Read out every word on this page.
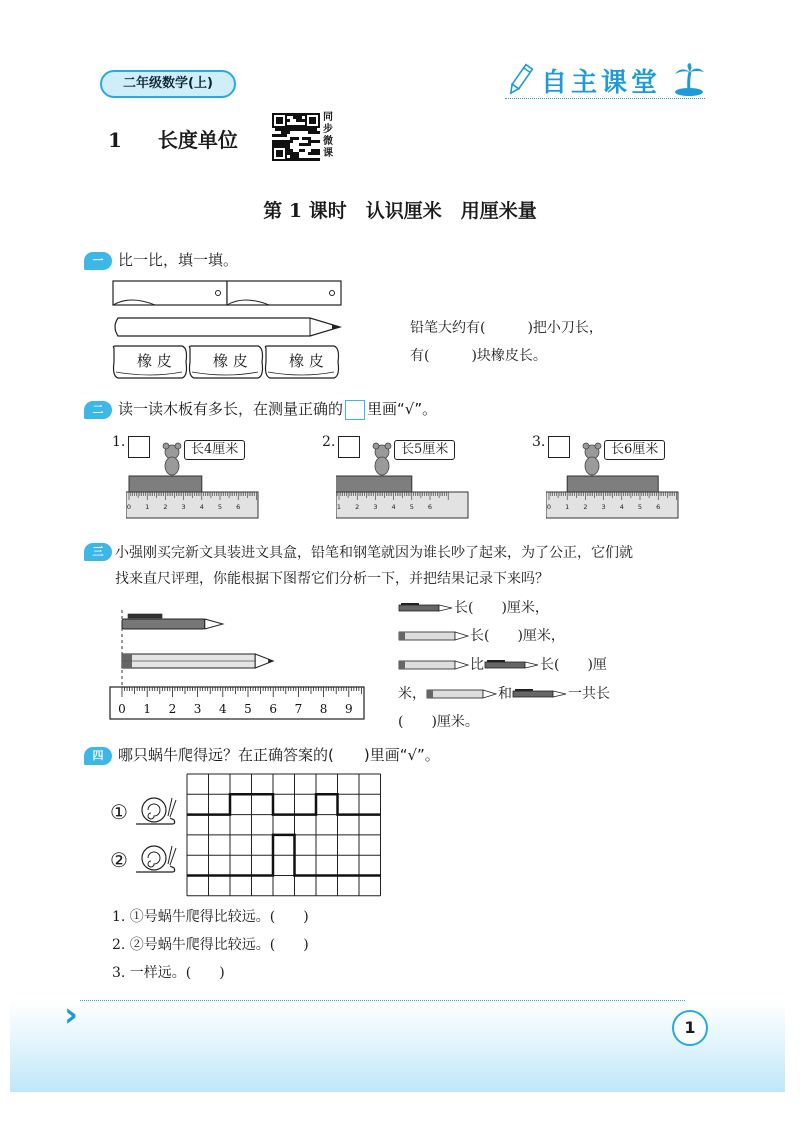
二年级数学(上)	自主课堂
1 长度单位
同步微课
第 1 课时　认识厘米　用厘米量
一 比一比，填一填。
橡 皮	橡 皮	橡 皮
铅笔大约有(　　　)把小刀长，
有(　　　)块橡皮长。
二 读一读木板有多长，在测量正确的 里画“√”。
1.	长4厘米
0 1 2 3 4 5 6
2.	长5厘米
1 2 3 4 5 6
3.	长6厘米
0 1 2 3 4 5 6
三 小强刚买完新文具装进文具盒，铅笔和钢笔就因为谁长吵了起来，为了公正，它们就找来直尺评理，你能根据下图帮它们分析一下，并把结果记录下来吗？
0 1 2 3 4 5 6 7 8 9
长(　　)厘米，
长(　　)厘米，
比	长(　　)厘
米，	和	一共长
(　　)厘米。
四 哪只蜗牛爬得远？在正确答案的(　　)里画“√”。
①
②
1. ①号蜗牛爬得比较远。(　　)
2. ②号蜗牛爬得比较远。(　　)
3. 一样远。(　　)
›	1
